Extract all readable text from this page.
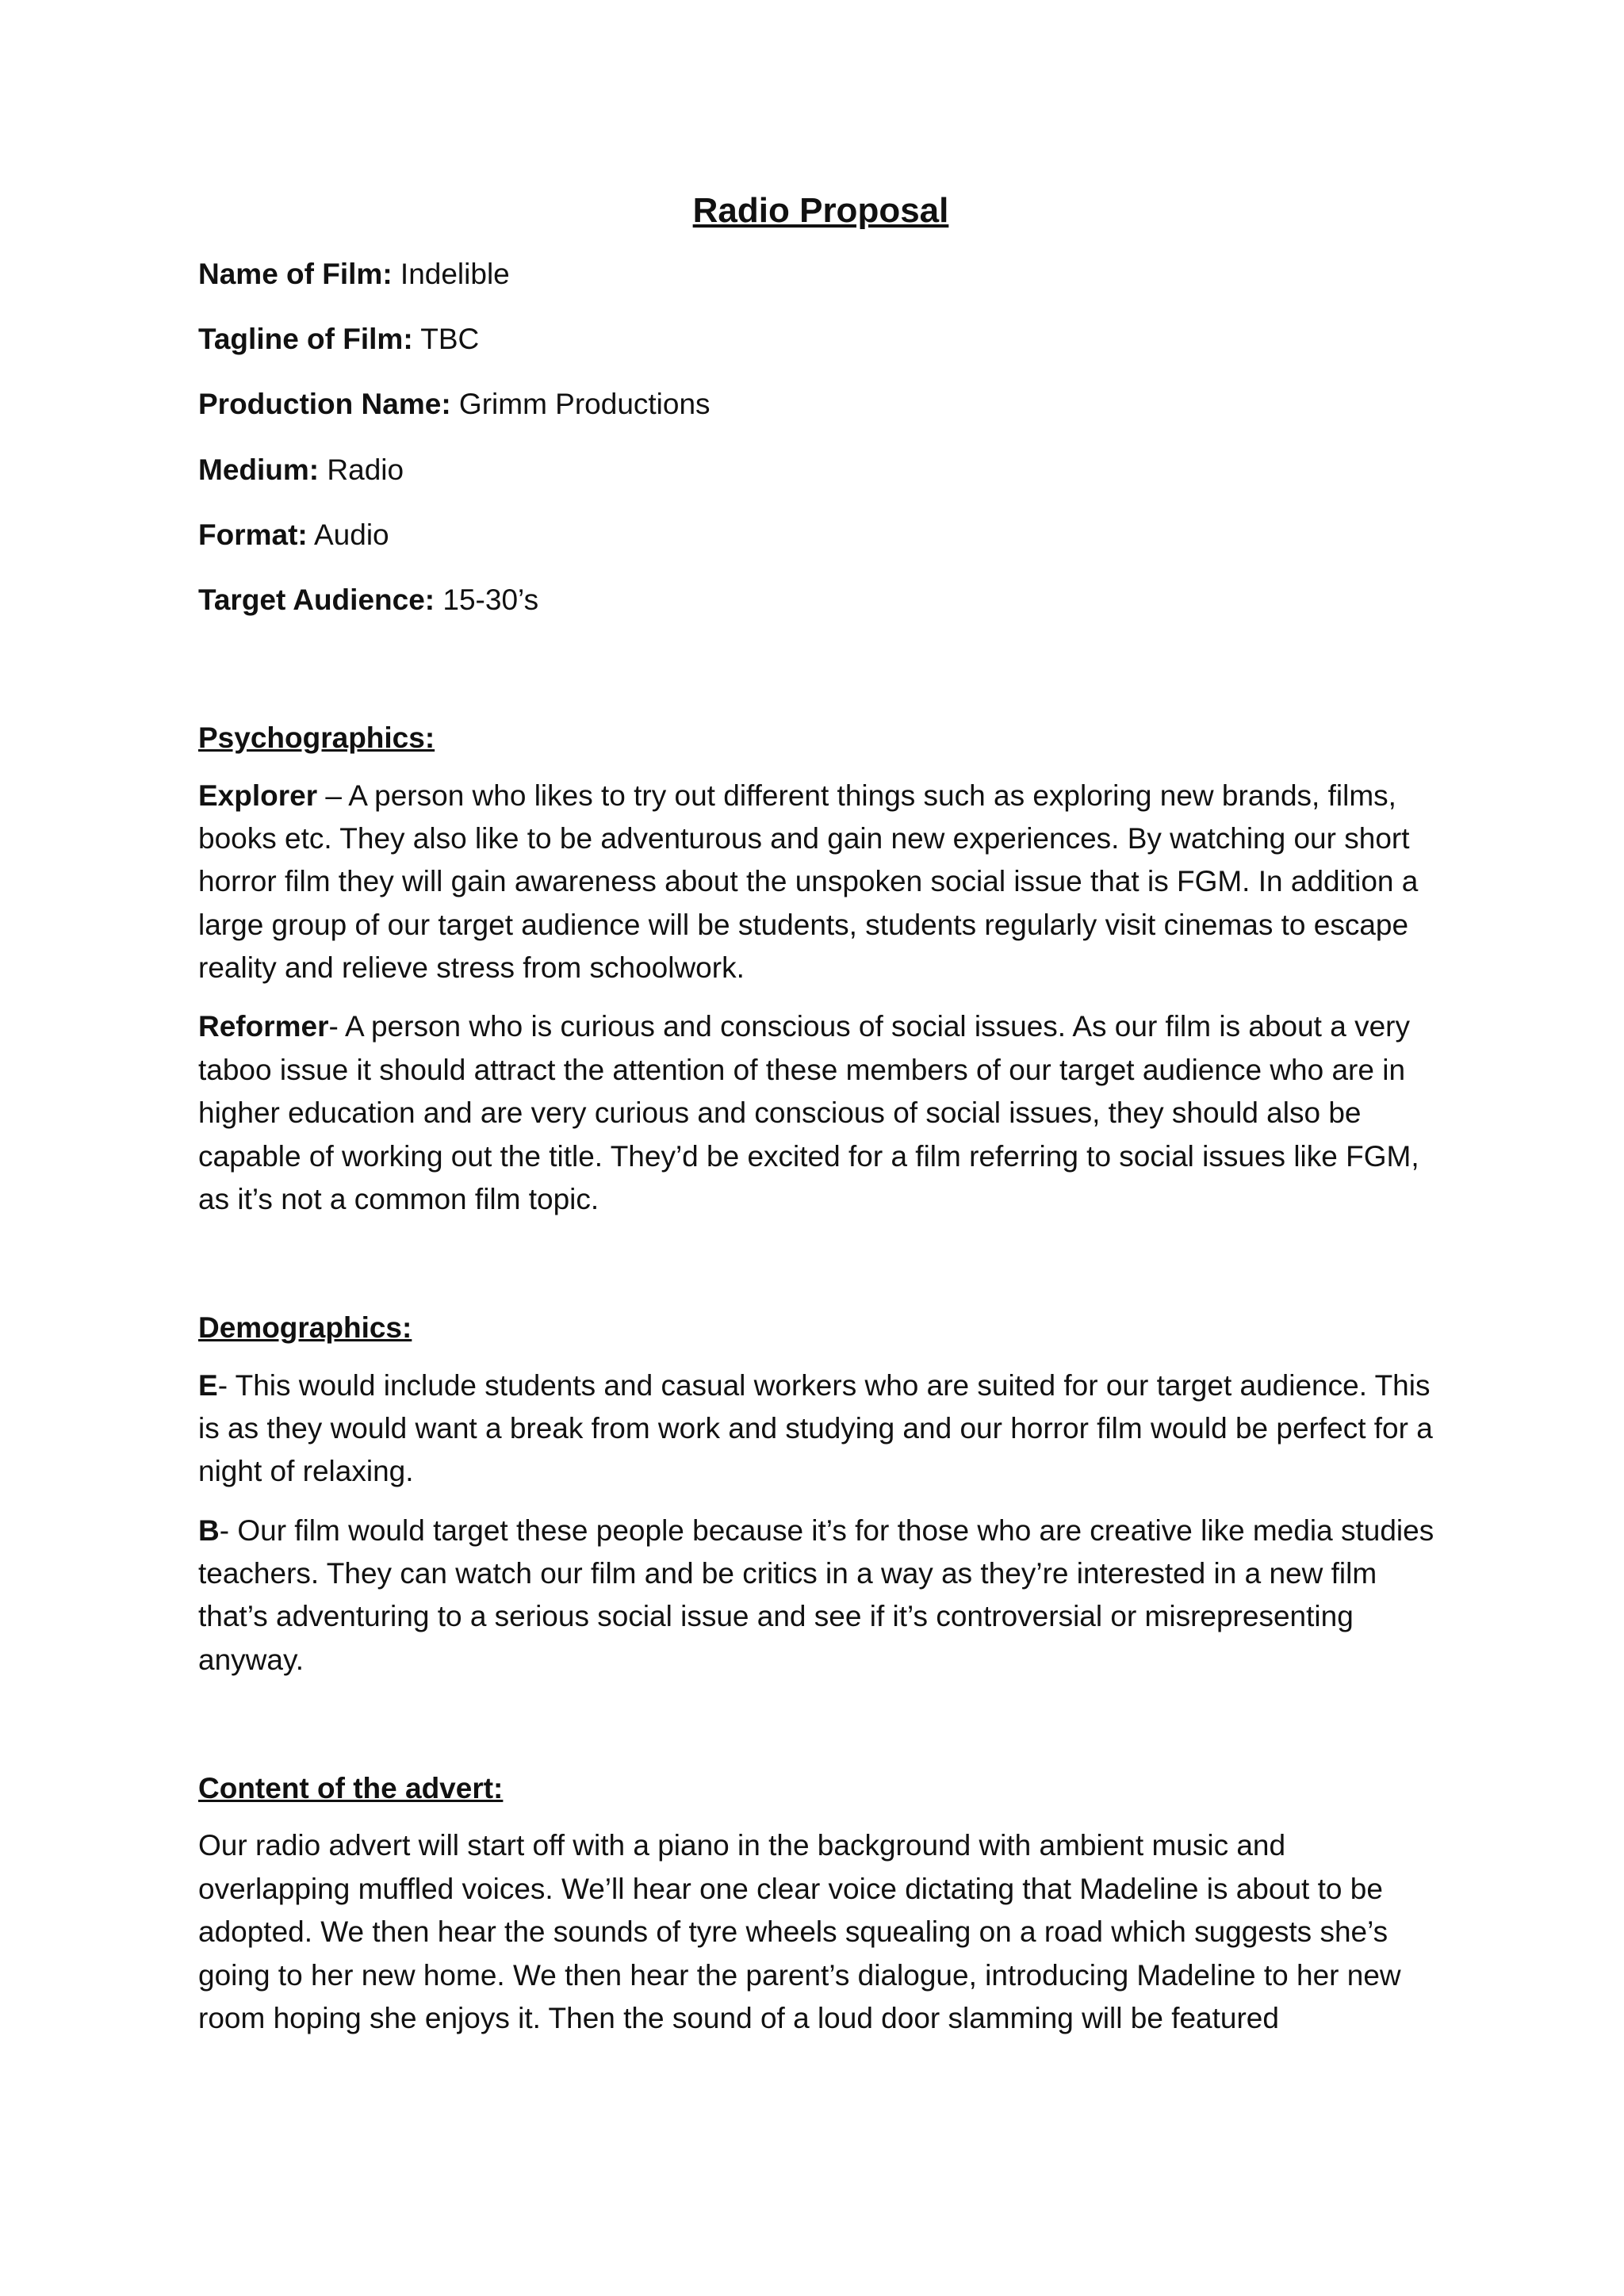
Radio Proposal
Name of Film: Indelible
Tagline of Film: TBC
Production Name: Grimm Productions
Medium: Radio
Format: Audio
Target Audience: 15-30’s
Psychographics:

Explorer – A person who likes to try out different things such as exploring new brands, films, books etc. They also like to be adventurous and gain new experiences. By watching our short horror film they will gain awareness about the unspoken social issue that is FGM. In addition a large group of our target audience will be students, students regularly visit cinemas to escape reality and relieve stress from schoolwork.

Reformer- A person who is curious and conscious of social issues. As our film is about a very taboo issue it should attract the attention of these members of our target audience who are in higher education and are very curious and conscious of social issues, they should also be capable of working out the title. They’d be excited for a film referring to social issues like FGM, as it’s not a common film topic.

Demographics:

E- This would include students and casual workers who are suited for our target audience. This is as they would want a break from work and studying and our horror film would be perfect for a night of relaxing.

B- Our film would target these people because it’s for those who are creative like media studies teachers. They can watch our film and be critics in a way as they’re interested in a new film that’s adventuring to a serious social issue and see if it’s controversial or misrepresenting anyway.

Content of the advert:

Our radio advert will start off with a piano in the background with ambient music and overlapping muffled voices. We’ll hear one clear voice dictating that Madeline is about to be adopted. We then hear the sounds of tyre wheels squealing on a road which suggests she’s going to her new home. We then hear the parent’s dialogue, introducing Madeline to her new room hoping she enjoys it. Then the sound of a loud door slamming will be featured
